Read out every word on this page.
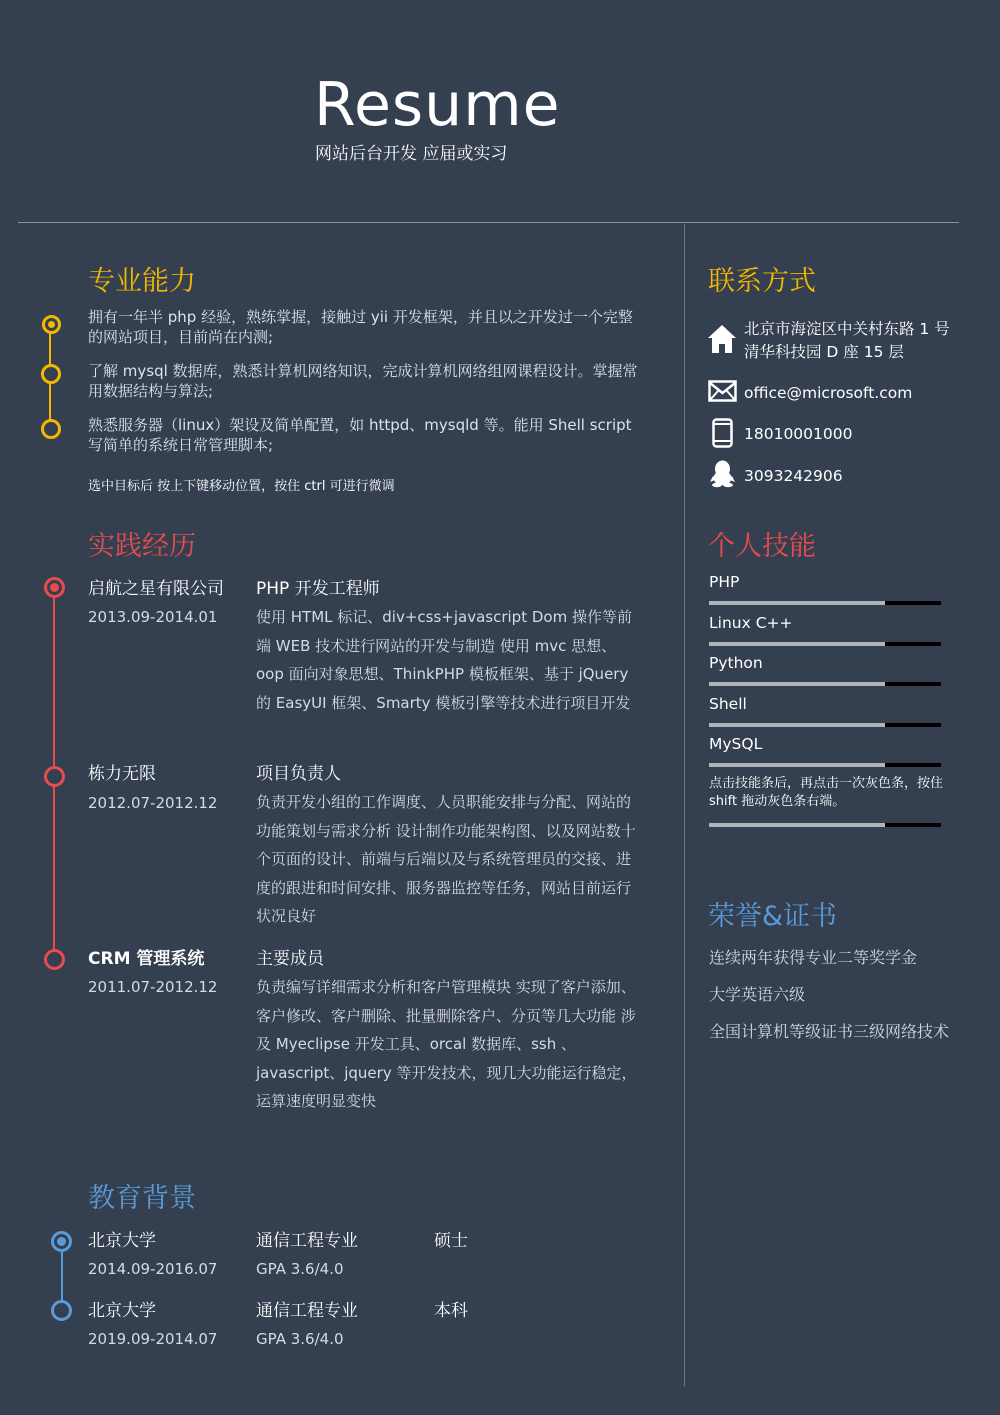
Resume
网站后台开发 应届或实习
专业能力
拥有一年半 php 经验，熟练掌握，接触过 yii 开发框架，并且以之开发过一个完整的网站项目，目前尚在内测;
了解 mysql 数据库，熟悉计算机网络知识，完成计算机网络组网课程设计。掌握常用数据结构与算法;
熟悉服务器（linux）架设及简单配置，如 httpd、mysqld 等。能用 Shell script 写简单的系统日常管理脚本;
选中目标后 按上下键移动位置，按住 ctrl 可进行微调
实践经历
启航之星有限公司
2013.09-2014.01
PHP 开发工程师
使用 HTML 标记、div+css+javascript Dom 操作等前端 WEB 技术进行网站的开发与制造 使用 mvc 思想、oop 面向对象思想、ThinkPHP 模板框架、基于 jQuery 的 EasyUI 框架、Smarty 模板引擎等技术进行项目开发
栋力无限
2012.07-2012.12
项目负责人
负责开发小组的工作调度、人员职能安排与分配、网站的功能策划与需求分析 设计制作功能架构图、以及网站数十个页面的设计、前端与后端以及与系统管理员的交接、进度的跟进和时间安排、服务器监控等任务，网站目前运行状况良好
CRM 管理系统
2011.07-2012.12
主要成员
负责编写详细需求分析和客户管理模块 实现了客户添加、客户修改、客户删除、批量删除客户、分页等几大功能 涉及 Myeclipse 开发工具、orcal 数据库、ssh 、javascript、jquery 等开发技术，现几大功能运行稳定，运算速度明显变快
教育背景
北京大学
2014.09-2016.07
通信工程专业
GPA 3.6/4.0
硕士
北京大学
2019.09-2014.07
通信工程专业
GPA 3.6/4.0
本科
联系方式
北京市海淀区中关村东路 1 号清华科技园 D 座 15 层
office@microsoft.com
18010001000
3093242906
个人技能
PHP
Linux C++
Python
Shell
MySQL
点击技能条后，再点击一次灰色条，按住 shift 拖动灰色条右端。
荣誉&证书
连续两年获得专业二等奖学金
大学英语六级
全国计算机等级证书三级网络技术
